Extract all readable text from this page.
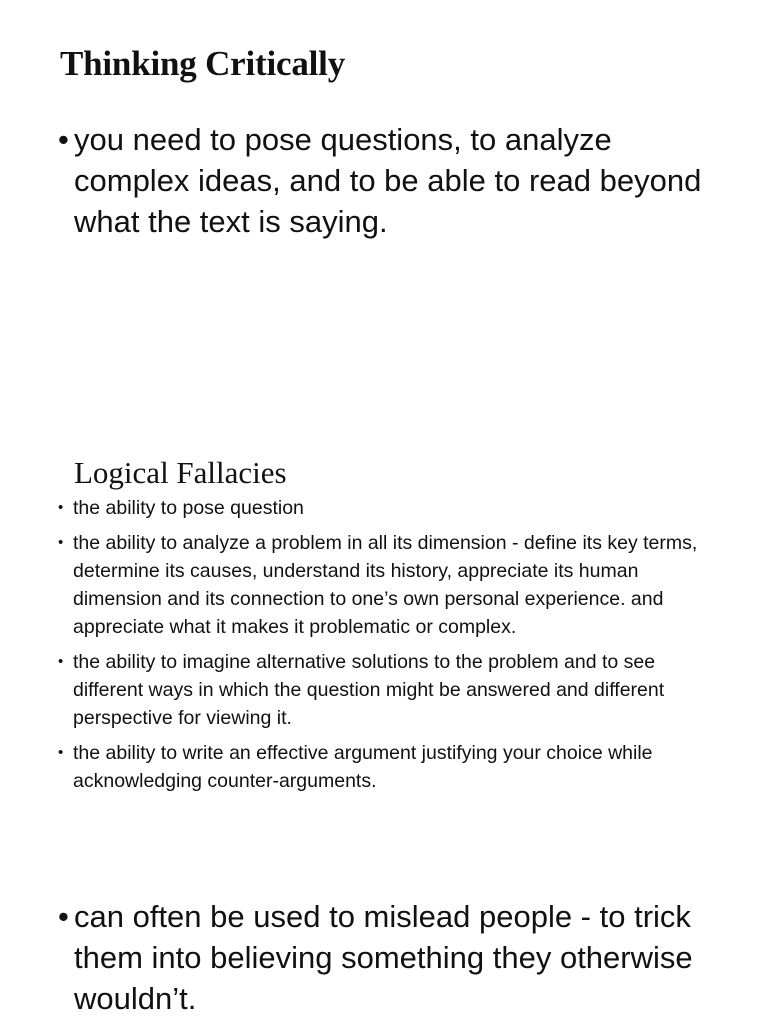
Thinking Critically
• you need to pose questions, to analyze complex ideas, and to be able to read beyond what the text is saying.
Logical Fallacies
• the ability to pose question
• the ability to analyze a problem in all its dimension - define its key terms, determine its causes, understand its history, appreciate its human dimension and its connection to one’s own personal experience. and appreciate what it makes it problematic or complex.
• the ability to imagine alternative solutions to the problem and to see different ways in which the question might be answered and different perspective for viewing it.
• the ability to write an effective argument justifying your choice while acknowledging counter-arguments.
• can often be used to mislead people - to trick them into believing something they otherwise wouldn’t.
